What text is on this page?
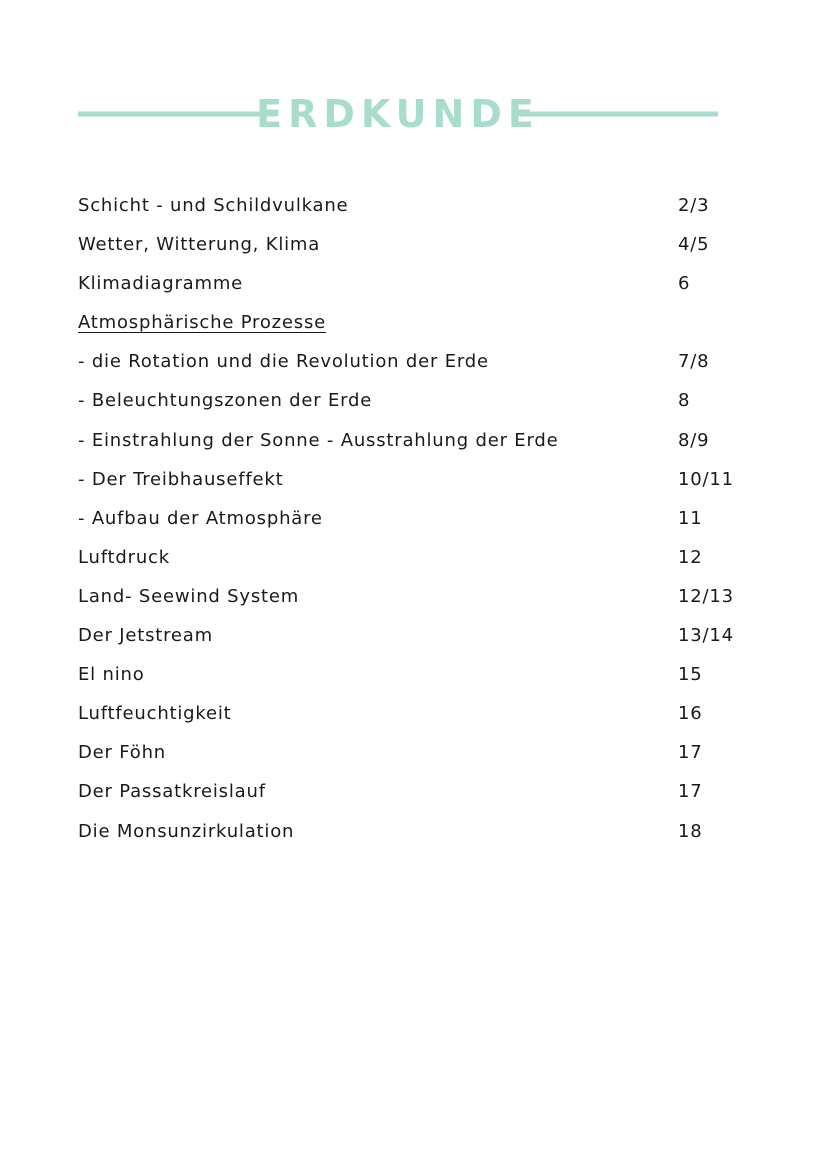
ERDKUNDE
Schicht - und Schildvulkane	2/3
Wetter, Witterung, Klima	4/5
Klimadiagramme	6
Atmosphärische Prozesse
- die Rotation und die Revolution der Erde	7/8
- Beleuchtungszonen der Erde	8
- Einstrahlung der Sonne - Ausstrahlung der Erde	8/9
- Der Treibhauseffekt	10/11
- Aufbau der Atmosphäre	11
Luftdruck	12
Land- Seewind System	12/13
Der Jetstream	13/14
El nino	15
Luftfeuchtigkeit	16
Der Föhn	17
Der Passatkreislauf	17
Die Monsunzirkulation	18
